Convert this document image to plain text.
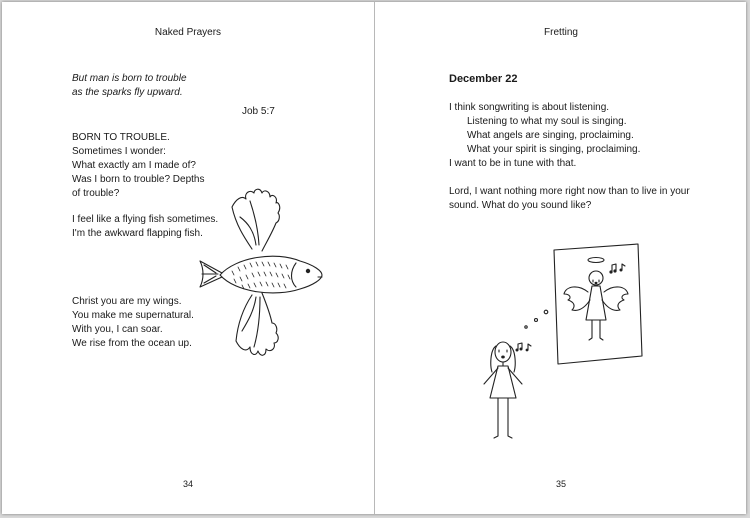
Naked Prayers
But man is born to trouble
as the sparks fly upward.
Job 5:7
BORN TO TROUBLE.
Sometimes I wonder:
What exactly am I made of?
Was I born to trouble? Depths
of trouble?
I feel like a flying fish sometimes.
I'm the awkward flapping fish.
Christ you are my wings.
You make me supernatural.
With you, I can soar.
We rise from the ocean up.
34
Fretting
December 22
I think songwriting is about listening.
Listening to what my soul is singing.
What angels are singing, proclaiming.
What your spirit is singing, proclaiming.
I want to be in tune with that.
Lord, I want nothing more right now than to live in your
sound. What do you sound like?
35
